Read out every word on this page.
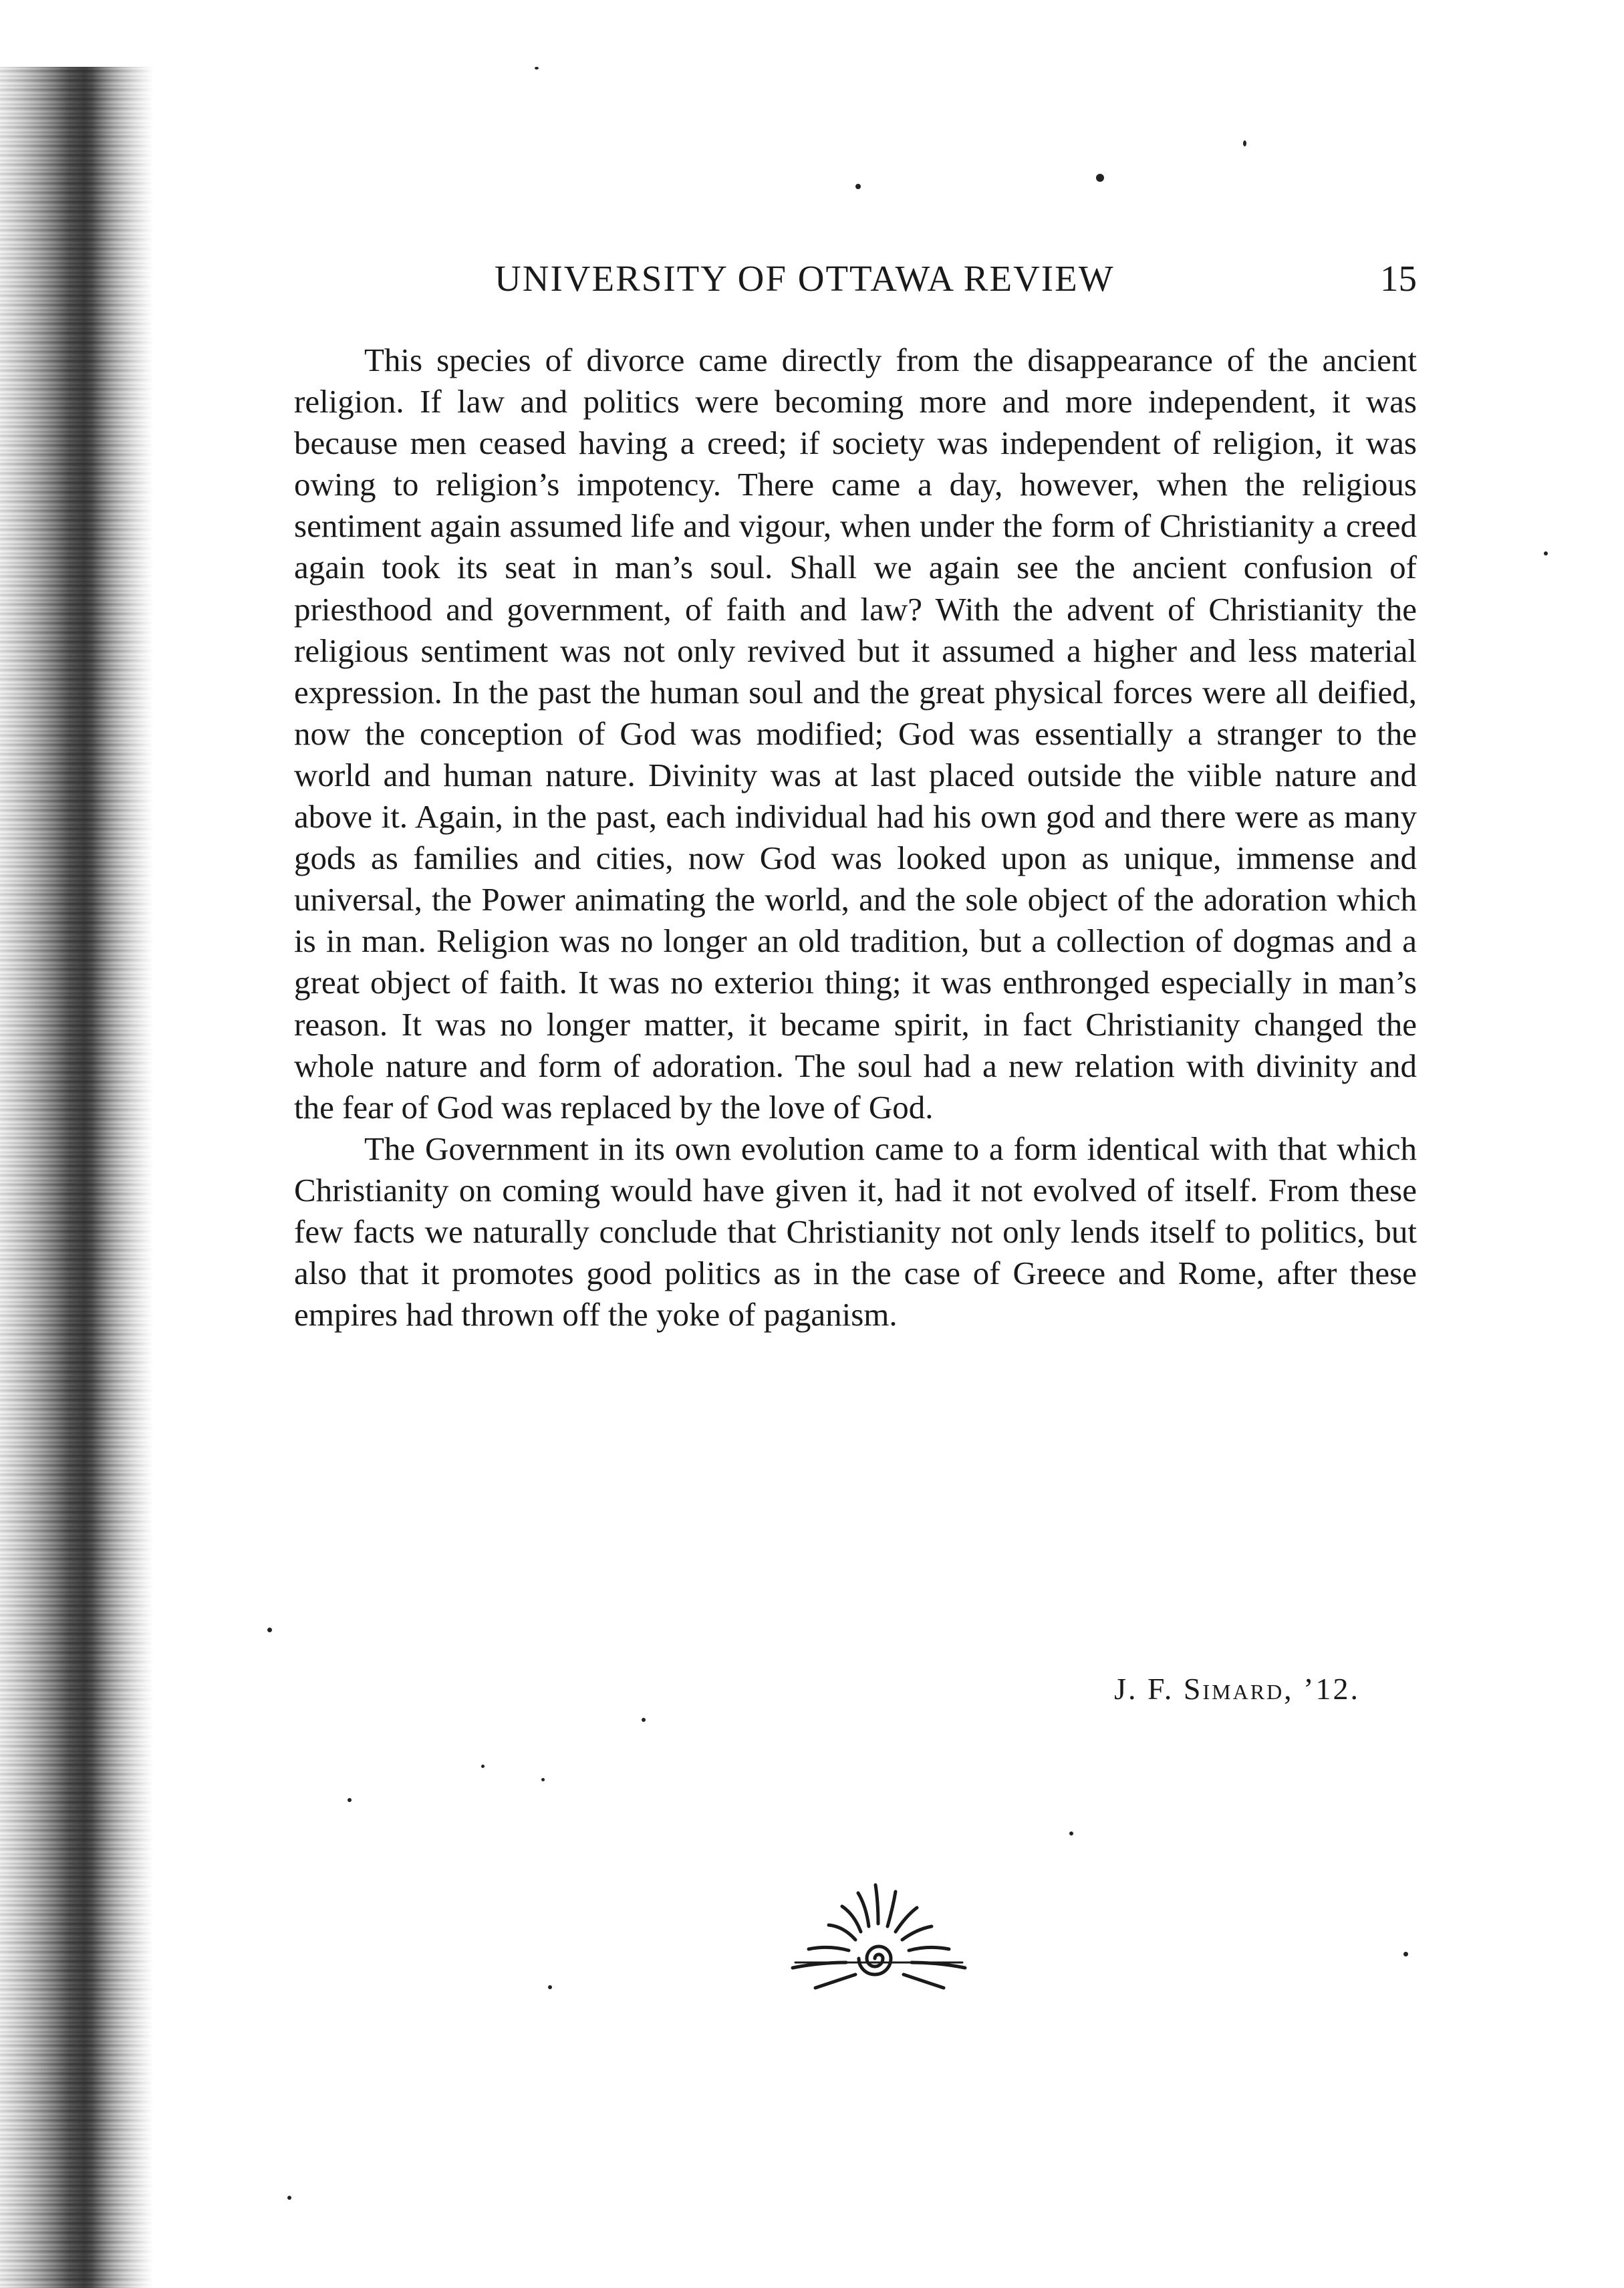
UNIVERSITY OF OTTAWA REVIEW	15

This species of divorce came directly from the disappearance of the ancient religion. If law and politics were becoming more and more independent, it was because men ceased having a creed; if society was independent of religion, it was owing to religion’s impotency. There came a day, however, when the religious sentiment again assumed life and vigour, when under the form of Christianity a creed again took its seat in man’s soul. Shall we again see the ancient confusion of priesthood and government, of faith and law? With the advent of Christianity the religious sentiment was not only revived but it assumed a higher and less material expression. In the past the human soul and the great physical forces were all deified, now the conception of God was modified; God was essentially a stranger to the world and human nature. Divinity was at last placed outside the viible nature and above it. Again, in the past, each individual had his own god and there were as many gods as families and cities, now God was looked upon as unique, immense and universal, the Power animating the world, and the sole object of the adoration which is in man. Religion was no longer an old tradition, but a collection of dogmas and a great object of faith. It was no exterioı thing; it was enthronged especially in man’s reason. It was no longer matter, it became spirit, in fact Christianity changed the whole nature and form of adoration. The soul had a new relation with divinity and the fear of God was replaced by the love of God.

The Government in its own evolution came to a form identical with that which Christianity on coming would have given it, had it not evolved of itself. From these few facts we naturally conclude that Christianity not only lends itself to politics, but also that it promotes good politics as in the case of Greece and Rome, after these empires had thrown off the yoke of paganism.

J. F. Simard, ’12.
